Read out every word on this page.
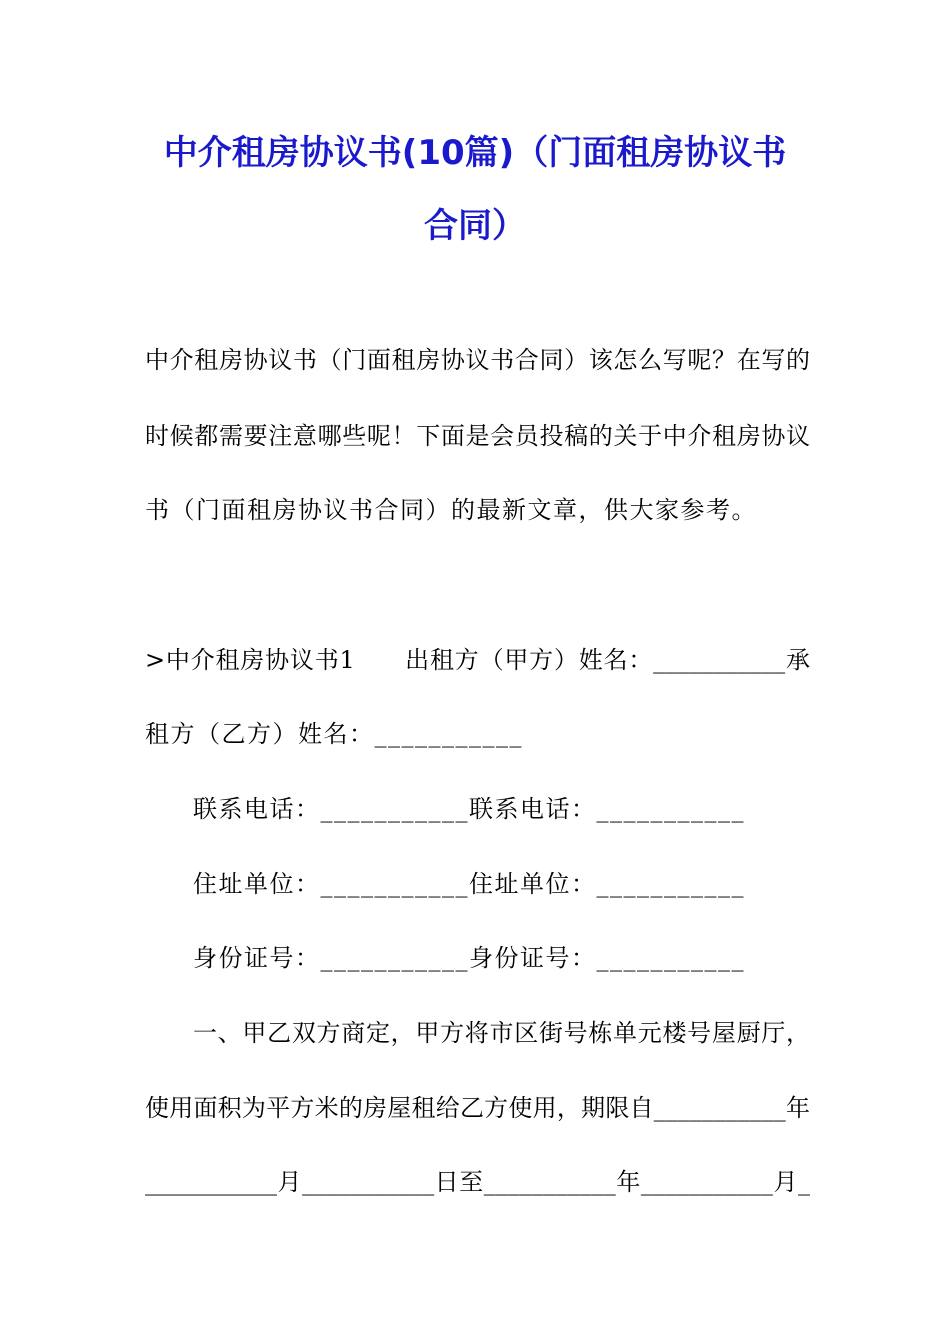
中介租房协议书(10篇)（门面租房协议书
合同）
中介租房协议书（门面租房协议书合同）该怎么写呢？在写的
时候都需要注意哪些呢！下面是会员投稿的关于中介租房协议
书（门面租房协议书合同）的最新文章，供大家参考。
>中介租房协议书1　　出租方（甲方）姓名：___________承
租方（乙方）姓名：___________
联系电话：___________联系电话：___________
住址单位：___________住址单位：___________
身份证号：___________身份证号：___________
一、甲乙双方商定，甲方将市区街号栋单元楼号屋厨厅，
使用面积为平方米的房屋租给乙方使用，期限自___________年
___________月___________日至___________年___________月_
